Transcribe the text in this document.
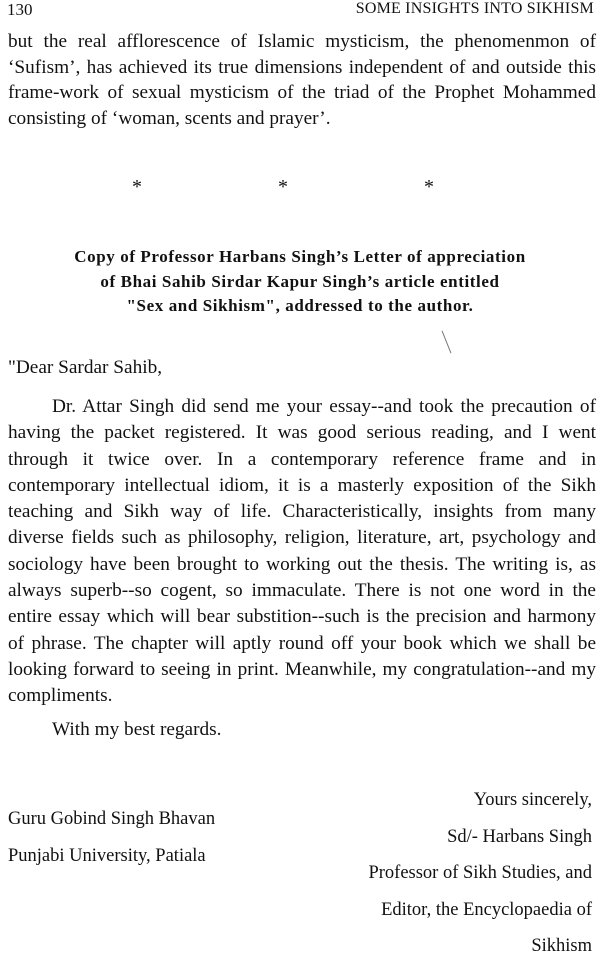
130	SOME INSIGHTS INTO SIKHISM

but the real afflorescence of Islamic mysticism, the phenomenmon of ‘Sufism’, has achieved its true dimensions independent of and outside this frame-work of sexual mysticism of the triad of the Prophet Mohammed consisting of ‘woman, scents and prayer’.

*	*	*
Copy of Professor Harbans Singh’s Letter of appreciation
of Bhai Sahib Sirdar Kapur Singh’s article entitled
"Sex and Sikhism", addressed to the author.

"Dear Sardar Sahib,

Dr. Attar Singh did send me your essay--and took the precaution of having the packet registered. It was good serious reading, and I went through it twice over. In a contemporary reference frame and in contemporary intellectual idiom, it is a masterly exposition of the Sikh teaching and Sikh way of life. Characteristically, insights from many diverse fields such as philosophy, religion, literature, art, psychology and sociology have been brought to working out the thesis. The writing is, as always superb--so cogent, so immaculate. There is not one word in the entire essay which will bear substition--such is the precision and harmony of phrase. The chapter will aptly round off your book which we shall be looking forward to seeing in print. Meanwhile, my congratulation--and my compliments.

With my best regards.

Guru Gobind Singh Bhavan
Punjabi University, Patiala
Yours sincerely,
Sd/- Harbans Singh
Professor of Sikh Studies, and
Editor, the Encyclopaedia of
Sikhism
